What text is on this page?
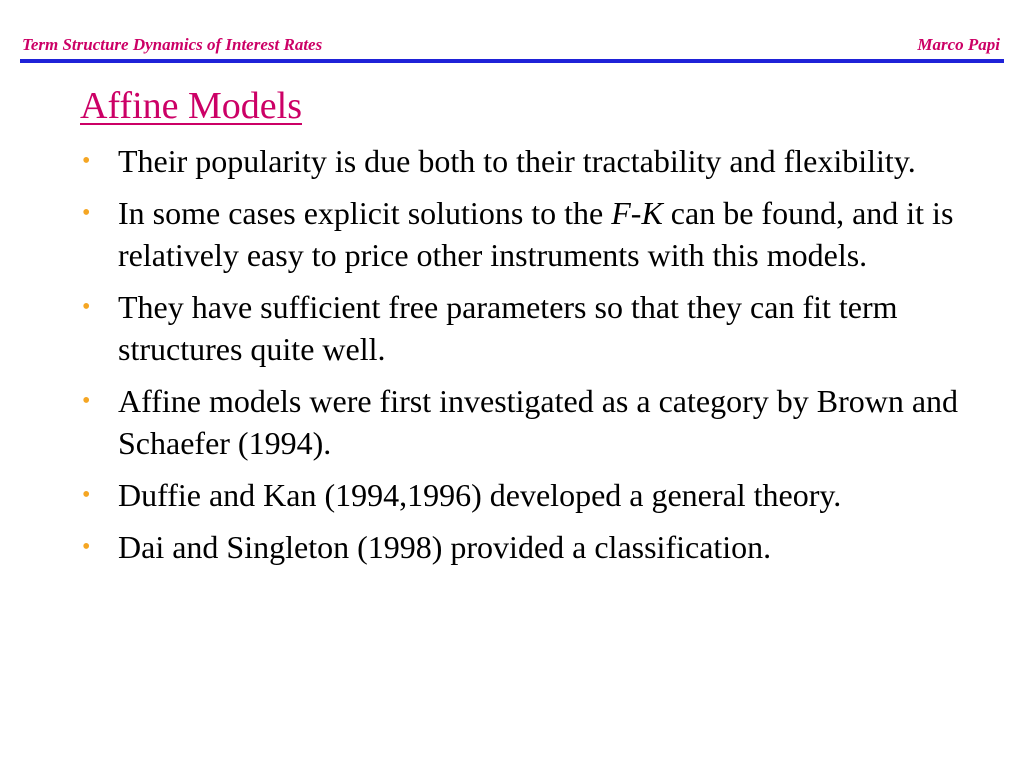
Term Structure Dynamics of Interest Rates	Marco Papi
Affine Models
• Their popularity is due both to their tractability and flexibility.
• In some cases explicit solutions to the F-K can be found, and it is relatively easy to price other instruments with this models.
• They have sufficient free parameters so that they can fit term structures quite well.
• Affine models were first investigated as a category by Brown and Schaefer (1994).
• Duffie and Kan (1994,1996) developed a general theory.
• Dai and Singleton (1998) provided a classification.
